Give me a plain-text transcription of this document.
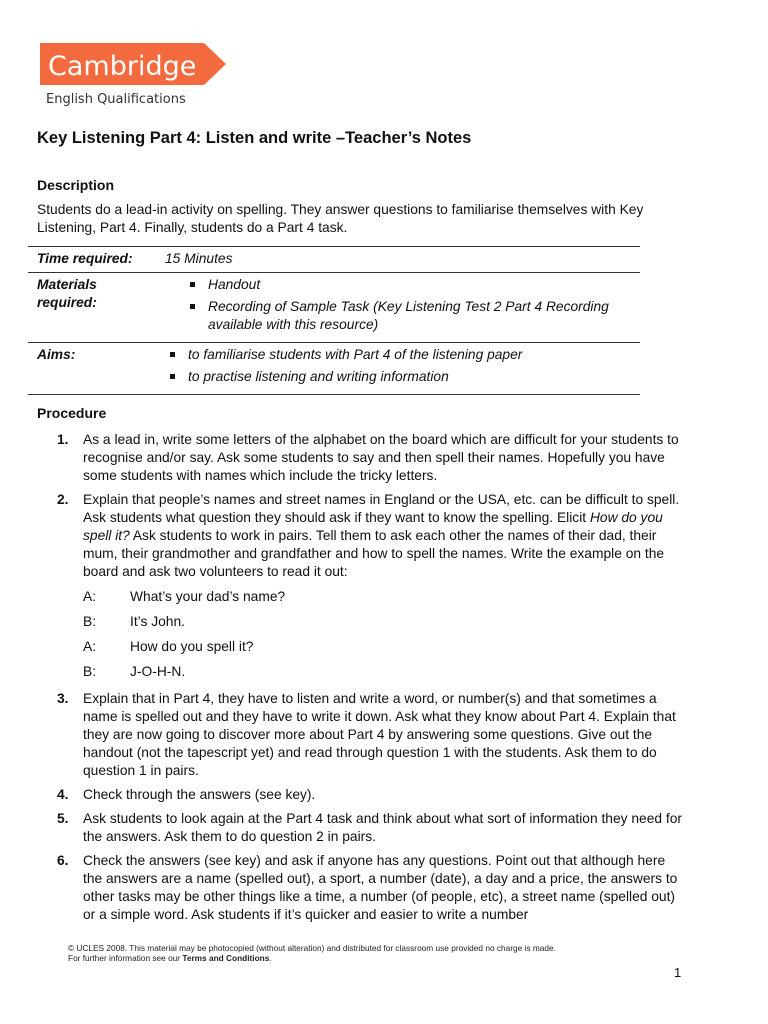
Cambridge
English Qualifications
Key Listening Part 4: Listen and write –Teacher’s Notes
Description
Students do a lead-in activity on spelling. They answer questions to familiarise themselves with Key Listening, Part 4. Finally, students do a Part 4 task.
Time required:	15 Minutes
Materials required:
Handout
Recording of Sample Task (Key Listening Test 2 Part 4 Recording available with this resource)
Aims:	to familiarise students with Part 4 of the listening paper
to practise listening and writing information
Procedure
1. As a lead in, write some letters of the alphabet on the board which are difficult for your students to recognise and/or say. Ask some students to say and then spell their names. Hopefully you have some students with names which include the tricky letters.
2. Explain that people’s names and street names in England or the USA, etc. can be difficult to spell. Ask students what question they should ask if they want to know the spelling. Elicit How do you spell it? Ask students to work in pairs. Tell them to ask each other the names of their dad, their mum, their grandmother and grandfather and how to spell the names. Write the example on the board and ask two volunteers to read it out:
A:	What’s your dad’s name?
B:	It’s John.
A:	How do you spell it?
B:	J-O-H-N.
3. Explain that in Part 4, they have to listen and write a word, or number(s) and that sometimes a name is spelled out and they have to write it down. Ask what they know about Part 4. Explain that they are now going to discover more about Part 4 by answering some questions. Give out the handout (not the tapescript yet) and read through question 1 with the students. Ask them to do question 1 in pairs.
4. Check through the answers (see key).
5. Ask students to look again at the Part 4 task and think about what sort of information they need for the answers. Ask them to do question 2 in pairs.
6. Check the answers (see key) and ask if anyone has any questions. Point out that although here the answers are a name (spelled out), a sport, a number (date), a day and a price, the answers to other tasks may be other things like a time, a number (of people, etc), a street name (spelled out) or a simple word. Ask students if it’s quicker and easier to write a number
© UCLES 2008. This material may be photocopied (without alteration) and distributed for classroom use provided no charge is made.
For further information see our Terms and Conditions.
1
